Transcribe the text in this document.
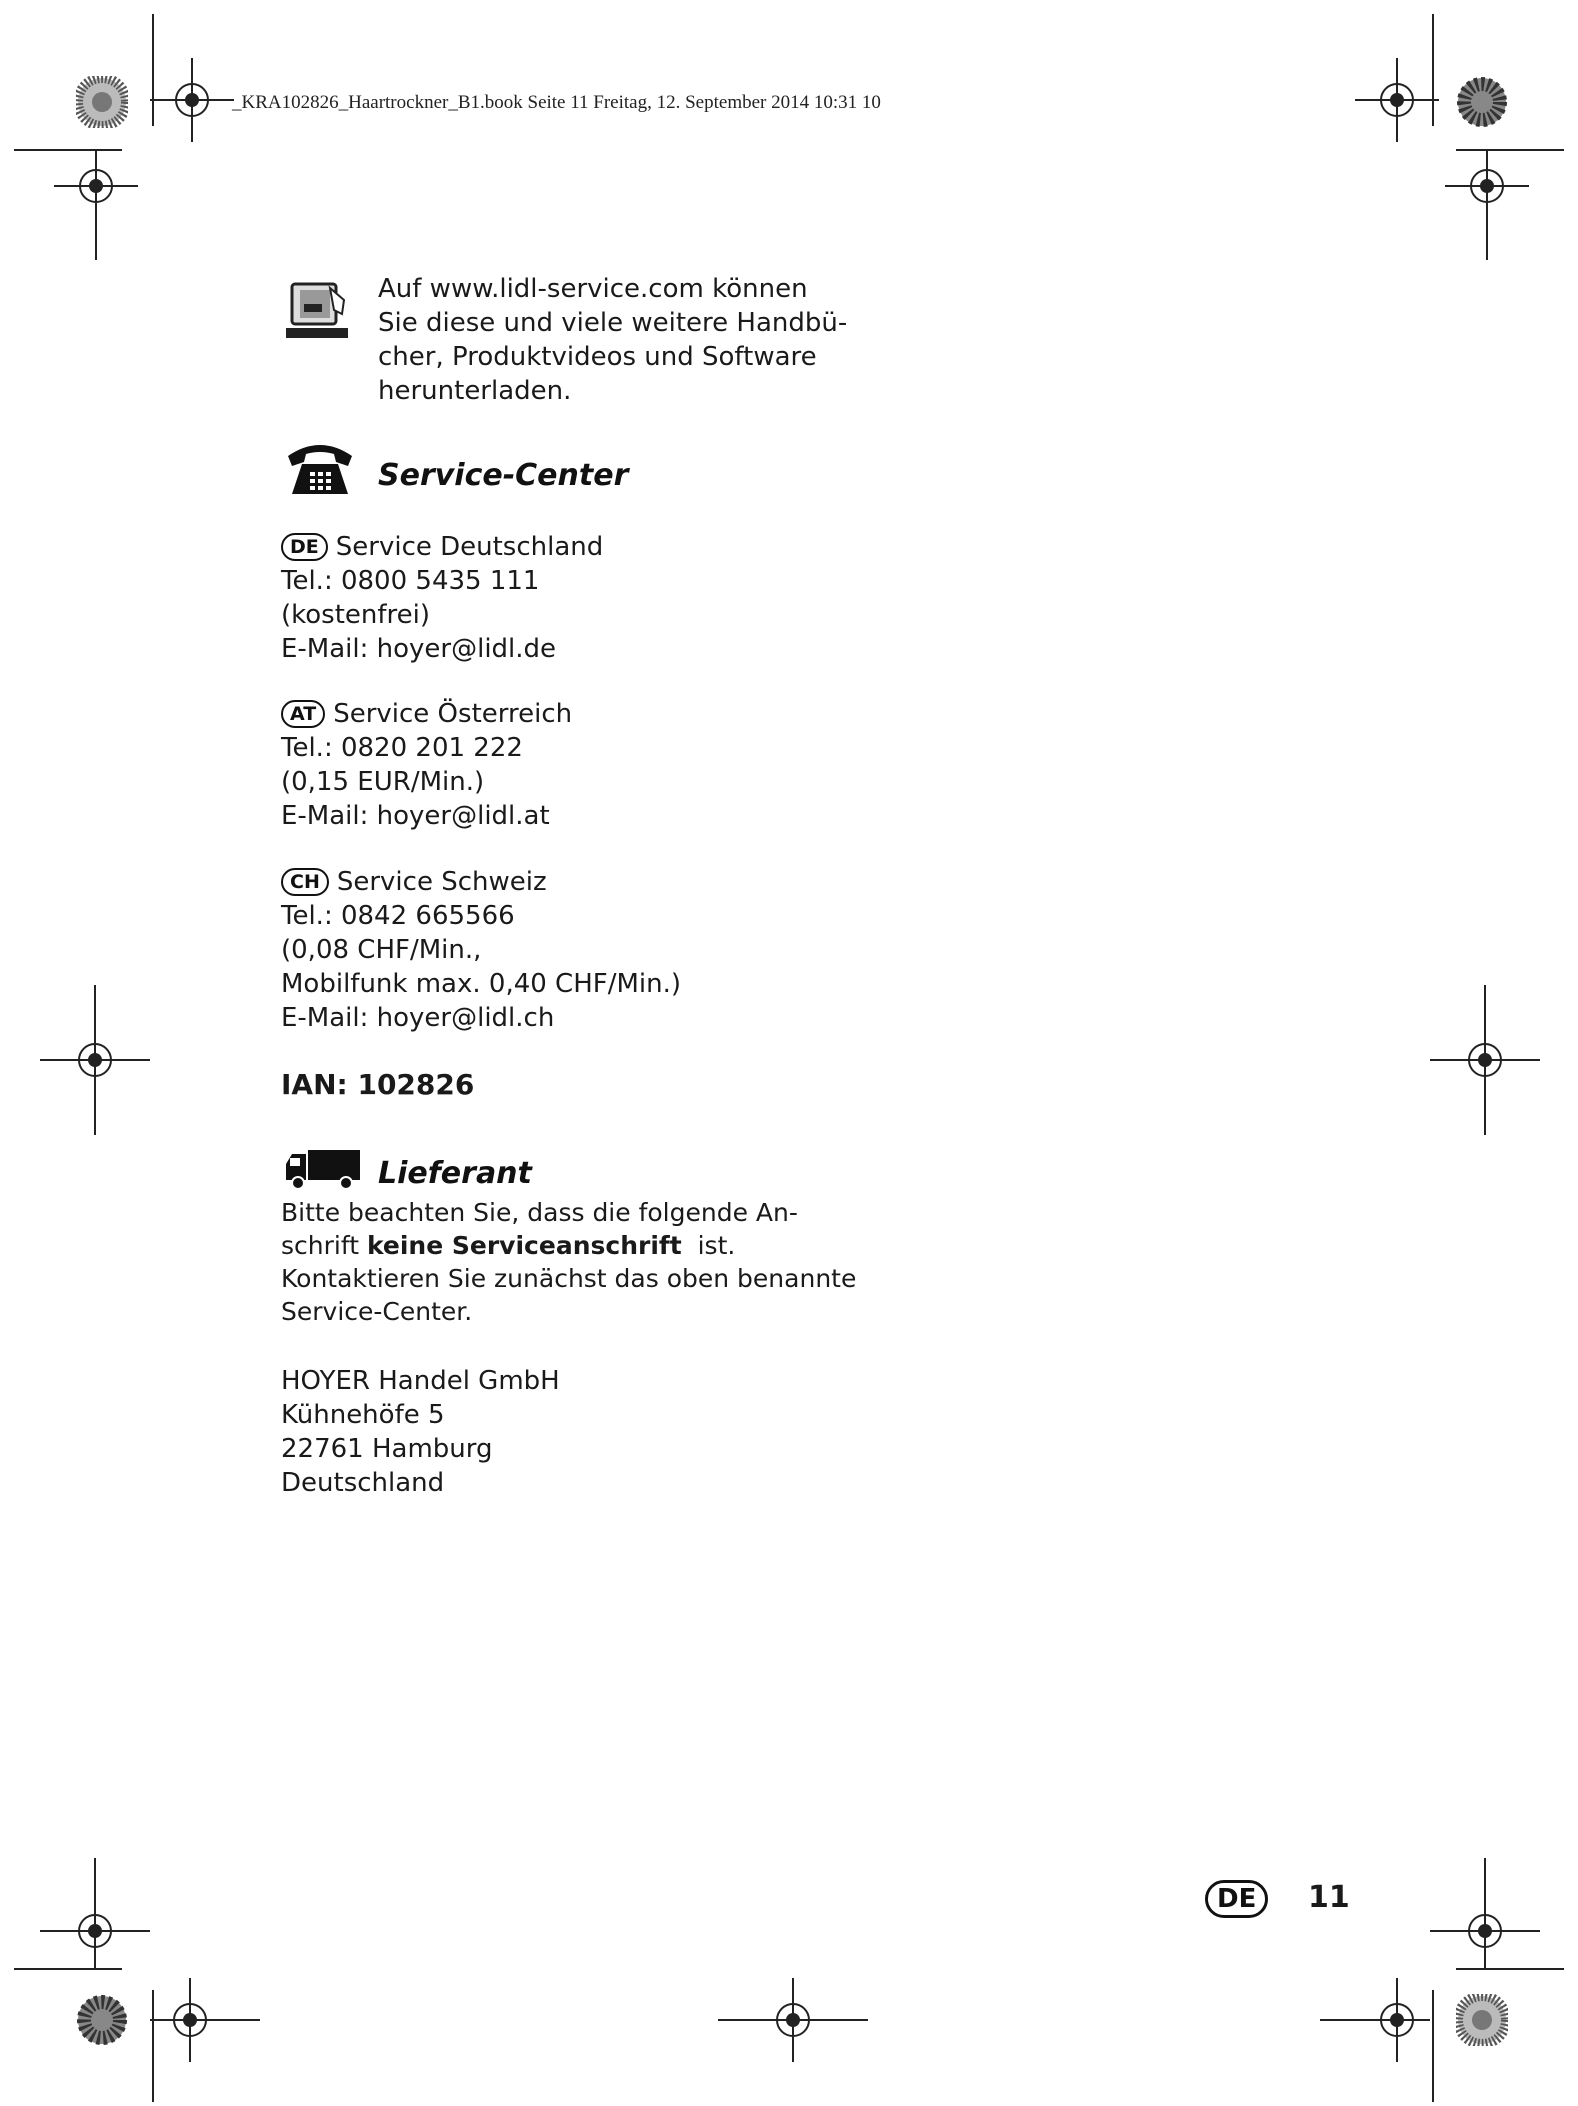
_KRA102826_Haartrockner_B1.book Seite 11 Freitag, 12. September 2014 10:31 10
Auf www.lidl-service.com können
Sie diese und viele weitere Handbü-
cher, Produktvideos und Software
herunterladen.
Service-Center
DE Service Deutschland
Tel.: 0800 5435 111
(kostenfrei)
E-Mail: hoyer@lidl.de
AT Service Österreich
Tel.: 0820 201 222
(0,15 EUR/Min.)
E-Mail: hoyer@lidl.at
CH Service Schweiz
Tel.: 0842 665566
(0,08 CHF/Min.,
Mobilfunk max. 0,40 CHF/Min.)
E-Mail: hoyer@lidl.ch
IAN: 102826
Lieferant
Bitte beachten Sie, dass die folgende An-
schrift keine Serviceanschrift  ist.
Kontaktieren Sie zunächst das oben benannte
Service-Center.
HOYER Handel GmbH
Kühnehöfe 5
22761 Hamburg
Deutschland
DE	11
